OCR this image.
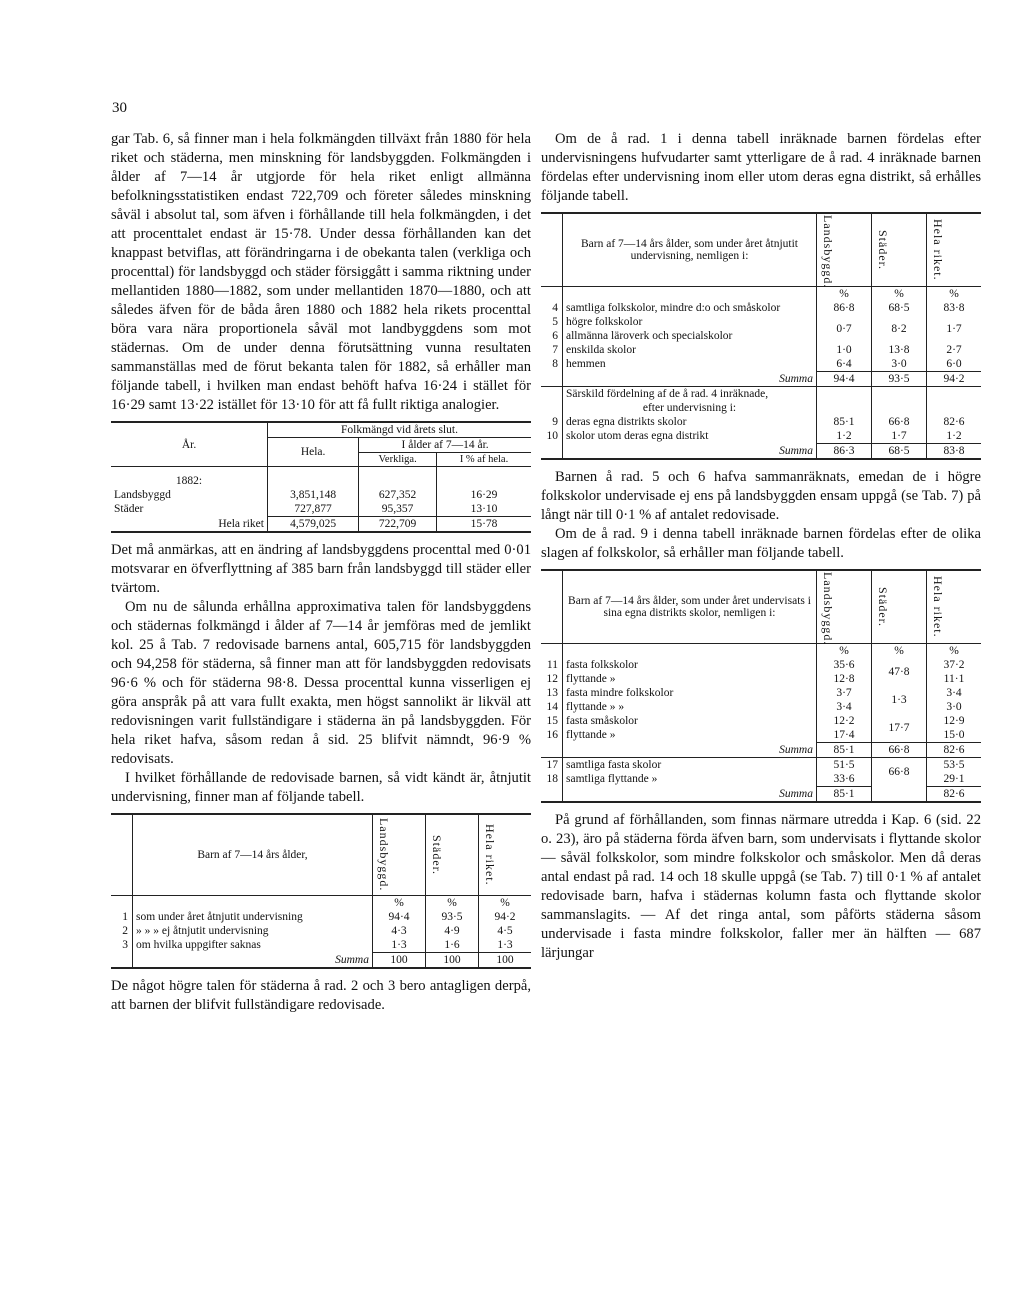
30

gar Tab. 6, så finner man i hela folkmängden tillväxt från 1880 för hela riket och städerna, men minskning för landsbyggden. Folkmängden i ålder af 7—14 år utgjorde för hela riket enligt allmänna befolkningsstatistiken endast 722,709 och företer således minskning såväl i absolut tal, som äfven i förhållande till hela folkmängden, i det att procenttalet endast är 15·78. Under dessa förhållanden kan det knappast betviflas, att förändringarna i de obekanta talen (verkliga och procenttal) för landsbyggd och städer försiggått i samma riktning under mellantiden 1880—1882, som under mellantiden 1870—1880, och att således äfven för de båda åren 1880 och 1882 hela rikets procenttal böra vara nära proportionela såväl mot landbyggdens som mot städernas. Om de under denna förutsättning vunna resultaten sammanställas med de förut bekanta talen för 1882, så erhåller man följande tabell, i hvilken man endast behöft hafva 16·24 i stället för 16·29 samt 13·22 istället för 13·10 för att få fullt riktiga analogier.

År.	Folkmängd vid årets slut.		
	Hela.	I ålder af 7—14 år.	
		Verkliga.	I % af hela.
1882:			
Landsbyggd	3,851,148	627,352	16·29
Städer	727,877	95,357	13·10
Hela riket	4,579,025	722,709	15·78

Det må anmärkas, att en ändring af landsbyggdens procenttal med 0·01 motsvarar en öfverflyttning af 385 barn från landsbyggd till städer eller tvärtom.

Om nu de sålunda erhållna approximativa talen för landsbyggdens och städernas folkmängd i ålder af 7—14 år jemföras med de jemlikt kol. 25 å Tab. 7 redovisade barnens antal, 605,715 för landsbyggden och 94,258 för städerna, så finner man att för landsbyggden redovisats 96·6 % och för städerna 98·8. Dessa procenttal kunna visserligen ej göra anspråk på att vara fullt exakta, men högst sannolikt är likväl att redovisningen varit fullständigare i städerna än på landsbyggden. För hela riket hafva, såsom redan å sid. 25 blifvit nämndt, 96·9 % redovisats.

I hvilket förhållande de redovisade barnen, så vidt kändt är, åtnjutit undervisning, finner man af följande tabell.

	Barn af 7—14 års ålder,	Landsbyggd.	Städer.	Hela riket.

		%	%	%
1	som under året åtnjutit undervisning	94·4	93·5	94·2
2	» » » ej åtnjutit undervisning	4·3	4·9	4·5
3	om hvilka uppgifter saknas	1·3	1·6	1·3
	Summa	100	100	100

De något högre talen för städerna å rad. 2 och 3 bero antagligen derpå, att barnen der blifvit fullständigare redovisade.

Om de å rad. 1 i denna tabell inräknade barnen fördelas efter undervisningens hufvudarter samt ytterligare de å rad. 4 inräknade barnen fördelas efter undervisning inom eller utom deras egna distrikt, så erhålles följande tabell.

	Barn af 7—14 års ålder, som under året åtnjutit undervisning, nemligen i:	Landsbyggd.	Städer.	Hela riket.

		%	%	%
4	samtliga folkskolor, mindre d:o och småskolor	86·8	68·5	83·8
5	högre folkskolor	0·7	8·2	1·7
6	allmänna läroverk och specialskolor			
7	enskilda skolor	1·0	13·8	2·7
8	hemmen	6·4	3·0	6·0
	Summa	94·4	93·5	94·2
	Särskild fördelning af de å rad. 4 inräknade,			
	efter undervisning i:			
9	deras egna distrikts skolor	85·1	66·8	82·6
10	skolor utom deras egna distrikt	1·2	1·7	1·2
	Summa	86·3	68·5	83·8

Barnen å rad. 5 och 6 hafva sammanräknats, emedan de i högre folkskolor undervisade ej ens på landsbyggden ensam uppgå (se Tab. 7) på långt när till 0·1 % af antalet redovisade.

Om de å rad. 9 i denna tabell inräknade barnen fördelas efter de olika slagen af folkskolor, så erhåller man följande tabell.

	Barn af 7—14 års ålder, som under året undervisats i sina egna distrikts skolor, nemligen i:	Landsbyggd.	Städer.	Hela riket.

		%	%	%
11	fasta folkskolor	35·6	47·8	37·2
12	flyttande »	12·8		11·1
13	fasta mindre folkskolor	3·7	1·3	3·4
14	flyttande » »	3·4		3·0
15	fasta småskolor	12·2	17·7	12·9
16	flyttande »	17·4		15·0
	Summa	85·1	66·8	82·6
17	samtliga fasta skolor	51·5	66·8	53·5
18	samtliga flyttande »	33·6		29·1
	Summa	85·1		82·6

På grund af förhållanden, som finnas närmare utredda i Kap. 6 (sid. 22 o. 23), äro på städerna förda äfven barn, som undervisats i flyttande skolor — såväl folkskolor, som mindre folkskolor och småskolor. Men då deras antal endast på rad. 14 och 18 skulle uppgå (se Tab. 7) till 0·1 % af antalet redovisade barn, hafva i städernas kolumn fasta och flyttande skolor sammanslagits. — Af det ringa antal, som påförts städerna såsom undervisade i fasta mindre folkskolor, faller mer än hälften — 687 lärjungar
